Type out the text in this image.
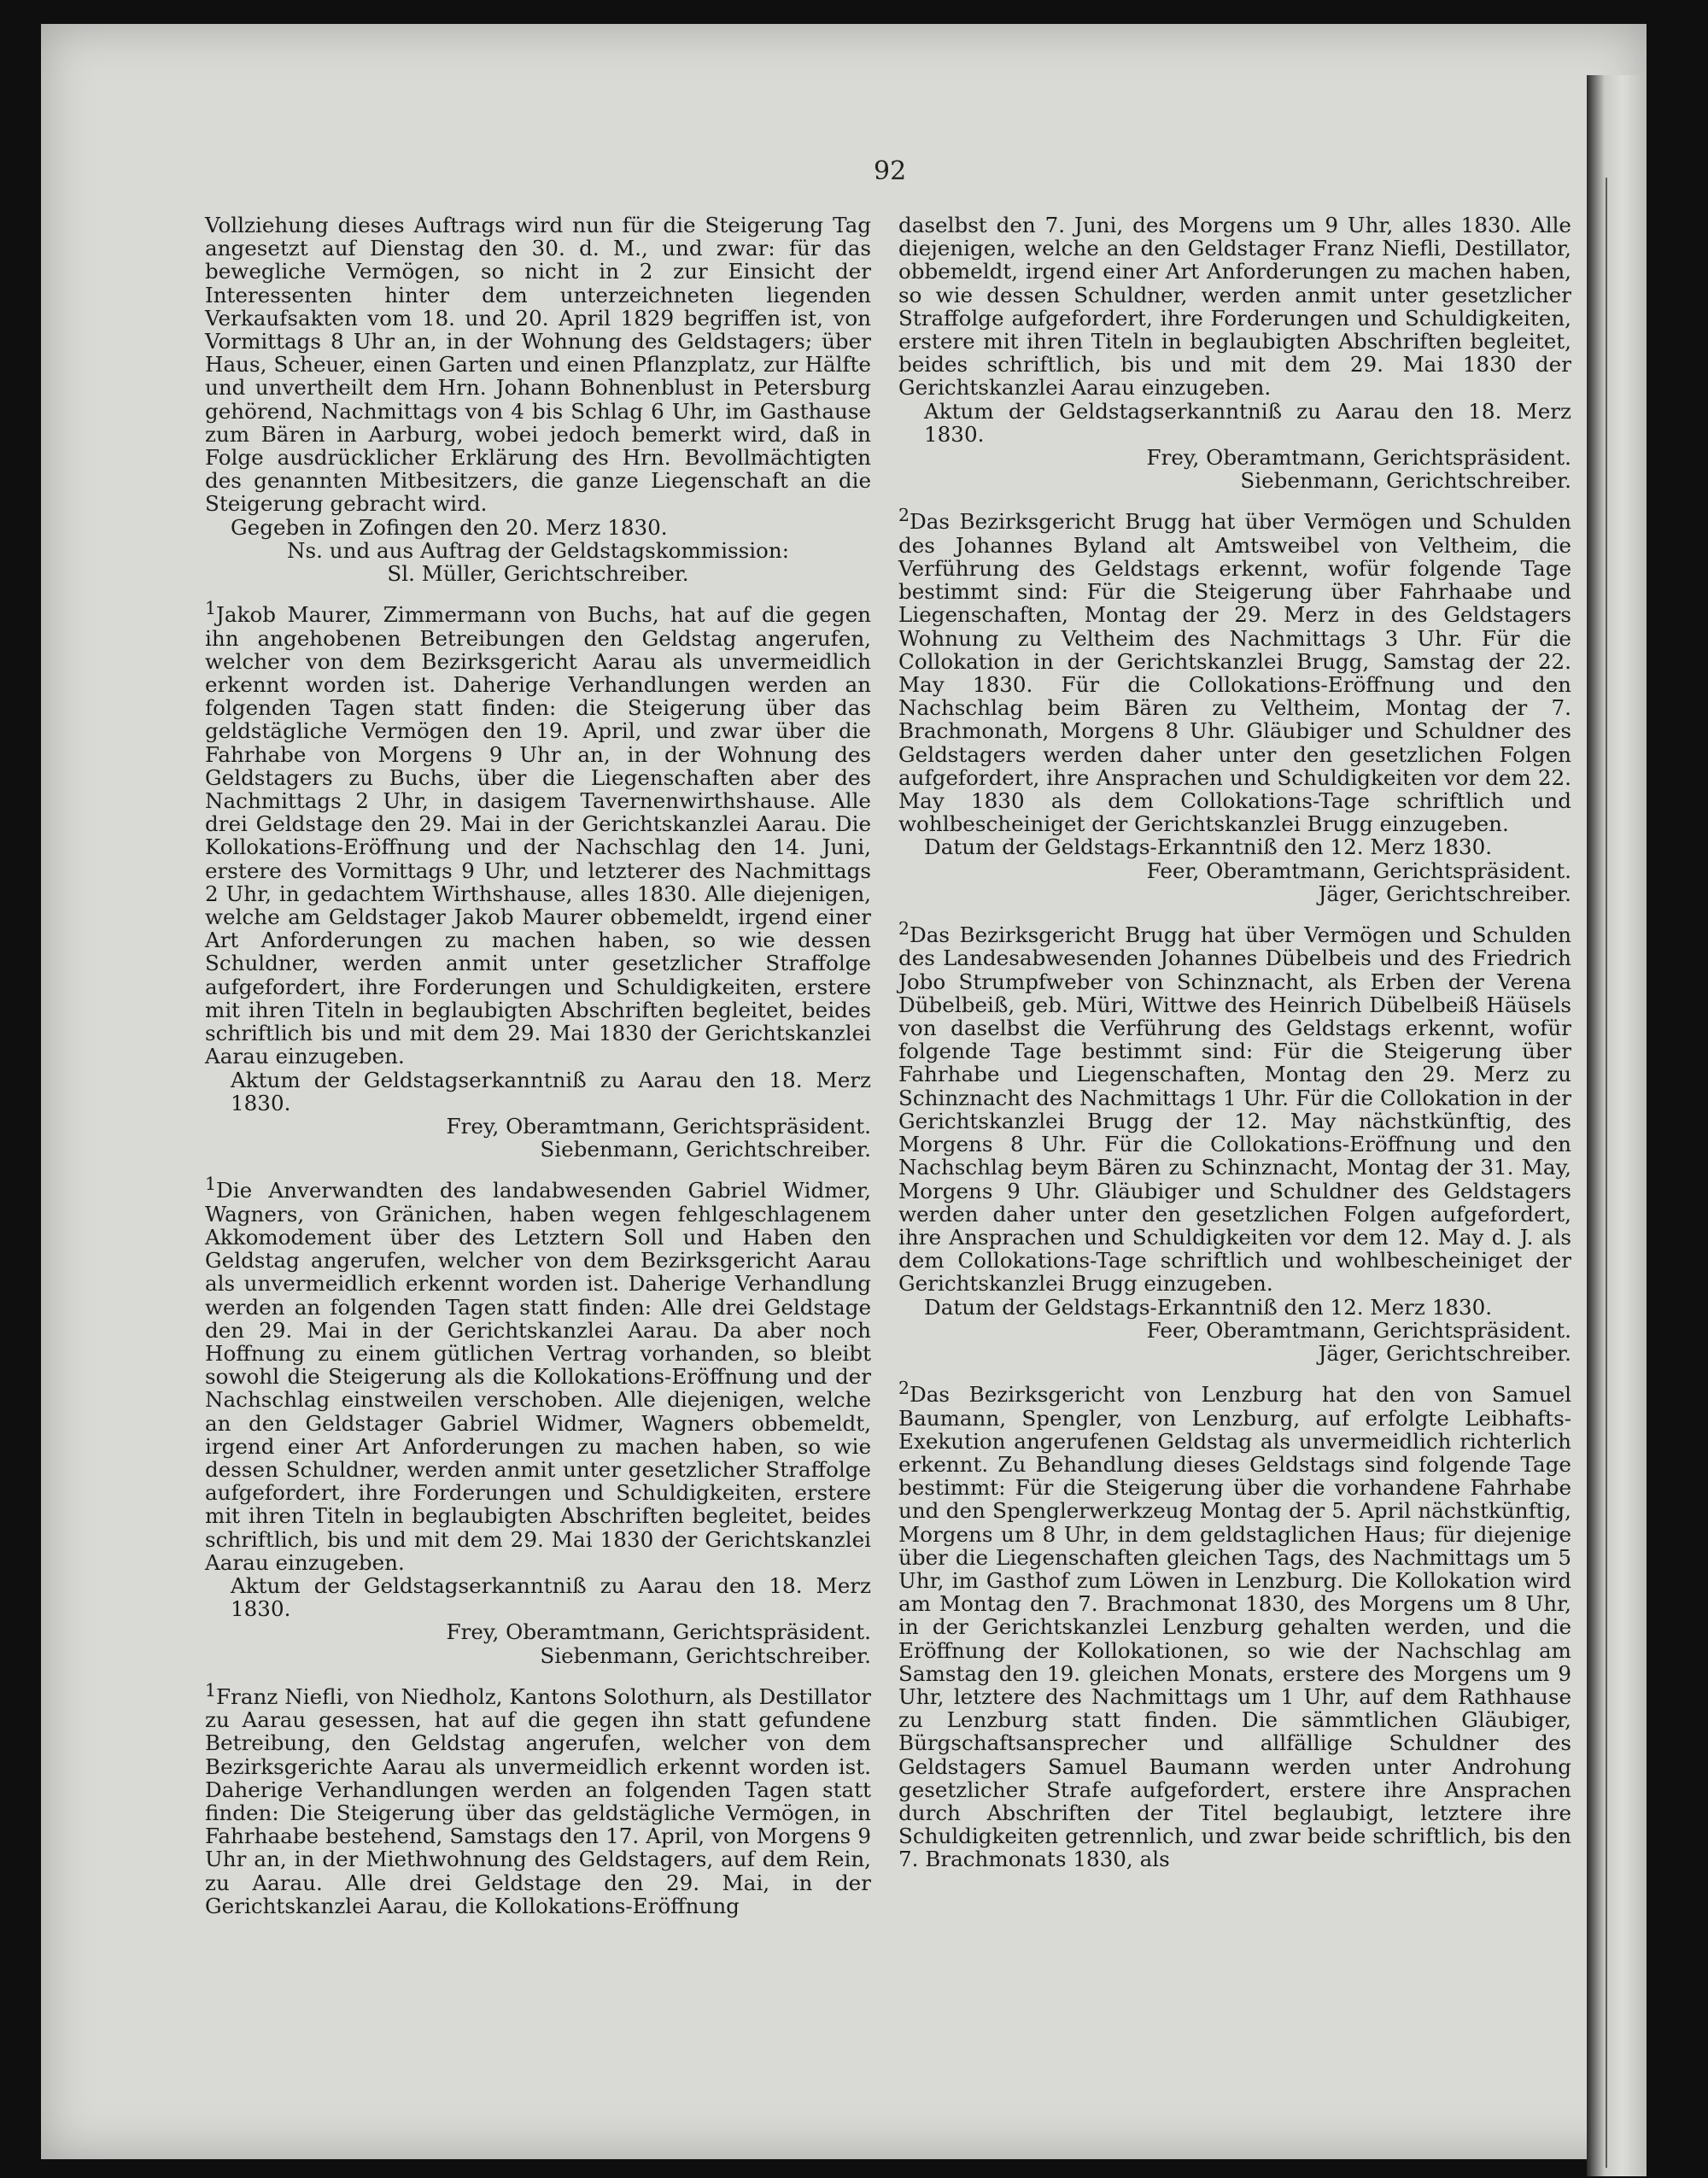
92

Vollziehung dieses Auftrags wird nun für die Steigerung Tag angesetzt auf Dienstag den 30. d. M., und zwar: für das bewegliche Vermögen, so nicht in 2 zur Einsicht der Interessenten hinter dem unterzeichneten liegenden Verkaufsakten vom 18. und 20. April 1829 begriffen ist, von Vormittags 8 Uhr an, in der Wohnung des Geldstagers; über Haus, Scheuer, einen Garten und einen Pflanzplatz, zur Hälfte und unvertheilt dem Hrn. Johann Bohnenblust in Petersburg gehörend, Nachmittags von 4 bis Schlag 6 Uhr, im Gasthause zum Bären in Aarburg, wobei jedoch bemerkt wird, daß in Folge ausdrücklicher Erklärung des Hrn. Bevollmächtigten des genannten Mitbesitzers, die ganze Liegenschaft an die Steigerung gebracht wird.

Gegeben in Zofingen den 20. Merz 1830.
Ns. und aus Auftrag der Geldstagskommission:
Sl. Müller, Gerichtschreiber.

$^1$Jakob Maurer, Zimmermann von Buchs, hat auf die gegen ihn angehobenen Betreibungen den Geldstag angerufen, welcher von dem Bezirksgericht Aarau als unvermeidlich erkennt worden ist. Daherige Verhandlungen werden an folgenden Tagen statt finden: die Steigerung über das geldstägliche Vermögen den 19. April, und zwar über die Fahrhabe von Morgens 9 Uhr an, in der Wohnung des Geldstagers zu Buchs, über die Liegenschaften aber des Nachmittags 2 Uhr, in dasigem Tavernenwirthshause. Alle drei Geldstage den 29. Mai in der Gerichtskanzlei Aarau. Die Kollokations-Eröffnung und der Nachschlag den 14. Juni, erstere des Vormittags 9 Uhr, und letzterer des Nachmittags 2 Uhr, in gedachtem Wirthshause, alles 1830. Alle diejenigen, welche am Geldstager Jakob Maurer obbemeldt, irgend einer Art Anforderungen zu machen haben, so wie dessen Schuldner, werden anmit unter gesetzlicher Straffolge aufgefordert, ihre Forderungen und Schuldigkeiten, erstere mit ihren Titeln in beglaubigten Abschriften begleitet, beides schriftlich bis und mit dem 29. Mai 1830 der Gerichtskanzlei Aarau einzugeben.

Aktum der Geldstagserkanntniß zu Aarau den 18. Merz 1830.
Frey, Oberamtmann, Gerichtspräsident.
Siebenmann, Gerichtschreiber.

$^1$Die Anverwandten des landabwesenden Gabriel Widmer, Wagners, von Gränichen, haben wegen fehlgeschlagenem Akkomodement über des Letztern Soll und Haben den Geldstag angerufen, welcher von dem Bezirksgericht Aarau als unvermeidlich erkennt worden ist. Daherige Verhandlung werden an folgenden Tagen statt finden: Alle drei Geldstage den 29. Mai in der Gerichtskanzlei Aarau. Da aber noch Hoffnung zu einem gütlichen Vertrag vorhanden, so bleibt sowohl die Steigerung als die Kollokations-Eröffnung und der Nachschlag einstweilen verschoben. Alle diejenigen, welche an den Geldstager Gabriel Widmer, Wagners obbemeldt, irgend einer Art Anforderungen zu machen haben, so wie dessen Schuldner, werden anmit unter gesetzlicher Straffolge aufgefordert, ihre Forderungen und Schuldigkeiten, erstere mit ihren Titeln in beglaubigten Abschriften begleitet, beides schriftlich, bis und mit dem 29. Mai 1830 der Gerichtskanzlei Aarau einzugeben.

Aktum der Geldstagserkanntniß zu Aarau den 18. Merz 1830.
Frey, Oberamtmann, Gerichtspräsident.
Siebenmann, Gerichtschreiber.

$^1$Franz Niefli, von Niedholz, Kantons Solothurn, als Destillator zu Aarau gesessen, hat auf die gegen ihn statt gefundene Betreibung, den Geldstag angerufen, welcher von dem Bezirksgerichte Aarau als unvermeidlich erkennt worden ist. Daherige Verhandlungen werden an folgenden Tagen statt finden: Die Steigerung über das geldstägliche Vermögen, in Fahrhaabe bestehend, Samstags den 17. April, von Morgens 9 Uhr an, in der Miethwohnung des Geldstagers, auf dem Rein, zu Aarau. Alle drei Geldstage den 29. Mai, in der Gerichtskanzlei Aarau, die Kollokations-Eröffnung

daselbst den 7. Juni, des Morgens um 9 Uhr, alles 1830. Alle diejenigen, welche an den Geldstager Franz Niefli, Destillator, obbemeldt, irgend einer Art Anforderungen zu machen haben, so wie dessen Schuldner, werden anmit unter gesetzlicher Straffolge aufgefordert, ihre Forderungen und Schuldigkeiten, erstere mit ihren Titeln in beglaubigten Abschriften begleitet, beides schriftlich, bis und mit dem 29. Mai 1830 der Gerichtskanzlei Aarau einzugeben.

Aktum der Geldstagserkanntniß zu Aarau den 18. Merz 1830.
Frey, Oberamtmann, Gerichtspräsident.
Siebenmann, Gerichtschreiber.

$^2$Das Bezirksgericht Brugg hat über Vermögen und Schulden des Johannes Byland alt Amtsweibel von Veltheim, die Verführung des Geldstags erkennt, wofür folgende Tage bestimmt sind: Für die Steigerung über Fahrhaabe und Liegenschaften, Montag der 29. Merz in des Geldstagers Wohnung zu Veltheim des Nachmittags 3 Uhr. Für die Collokation in der Gerichtskanzlei Brugg, Samstag der 22. May 1830. Für die Collokations-Eröffnung und den Nachschlag beim Bären zu Veltheim, Montag der 7. Brachmonath, Morgens 8 Uhr. Gläubiger und Schuldner des Geldstagers werden daher unter den gesetzlichen Folgen aufgefordert, ihre Ansprachen und Schuldigkeiten vor dem 22. May 1830 als dem Collokations-Tage schriftlich und wohlbescheiniget der Gerichtskanzlei Brugg einzugeben.

Datum der Geldstags-Erkanntniß den 12. Merz 1830.
Feer, Oberamtmann, Gerichtspräsident.
Jäger, Gerichtschreiber.

$^2$Das Bezirksgericht Brugg hat über Vermögen und Schulden des Landesabwesenden Johannes Dübelbeis und des Friedrich Jobo Strumpfweber von Schinznacht, als Erben der Verena Dübelbeiß, geb. Müri, Wittwe des Heinrich Dübelbeiß Häüsels von daselbst die Verführung des Geldstags erkennt, wofür folgende Tage bestimmt sind: Für die Steigerung über Fahrhabe und Liegenschaften, Montag den 29. Merz zu Schinznacht des Nachmittags 1 Uhr. Für die Collokation in der Gerichtskanzlei Brugg der 12. May nächstkünftig, des Morgens 8 Uhr. Für die Collokations-Eröffnung und den Nachschlag beym Bären zu Schinznacht, Montag der 31. May, Morgens 9 Uhr. Gläubiger und Schuldner des Geldstagers werden daher unter den gesetzlichen Folgen aufgefordert, ihre Ansprachen und Schuldigkeiten vor dem 12. May d. J. als dem Collokations-Tage schriftlich und wohlbescheiniget der Gerichtskanzlei Brugg einzugeben.

Datum der Geldstags-Erkanntniß den 12. Merz 1830.
Feer, Oberamtmann, Gerichtspräsident.
Jäger, Gerichtschreiber.

$^2$Das Bezirksgericht von Lenzburg hat den von Samuel Baumann, Spengler, von Lenzburg, auf erfolgte Leibhafts-Exekution angerufenen Geldstag als unvermeidlich richterlich erkennt. Zu Behandlung dieses Geldstags sind folgende Tage bestimmt: Für die Steigerung über die vorhandene Fahrhabe und den Spenglerwerkzeug Montag der 5. April nächstkünftig, Morgens um 8 Uhr, in dem geldstaglichen Haus; für diejenige über die Liegenschaften gleichen Tags, des Nachmittags um 5 Uhr, im Gasthof zum Löwen in Lenzburg. Die Kollokation wird am Montag den 7. Brachmonat 1830, des Morgens um 8 Uhr, in der Gerichtskanzlei Lenzburg gehalten werden, und die Eröffnung der Kollokationen, so wie der Nachschlag am Samstag den 19. gleichen Monats, erstere des Morgens um 9 Uhr, letztere des Nachmittags um 1 Uhr, auf dem Rathhause zu Lenzburg statt finden. Die sämmtlichen Gläubiger, Bürgschaftsansprecher und allfällige Schuldner des Geldstagers Samuel Baumann werden unter Androhung gesetzlicher Strafe aufgefordert, erstere ihre Ansprachen durch Abschriften der Titel beglaubigt, letztere ihre Schuldigkeiten getrennlich, und zwar beide schriftlich, bis den 7. Brachmonats 1830, als
